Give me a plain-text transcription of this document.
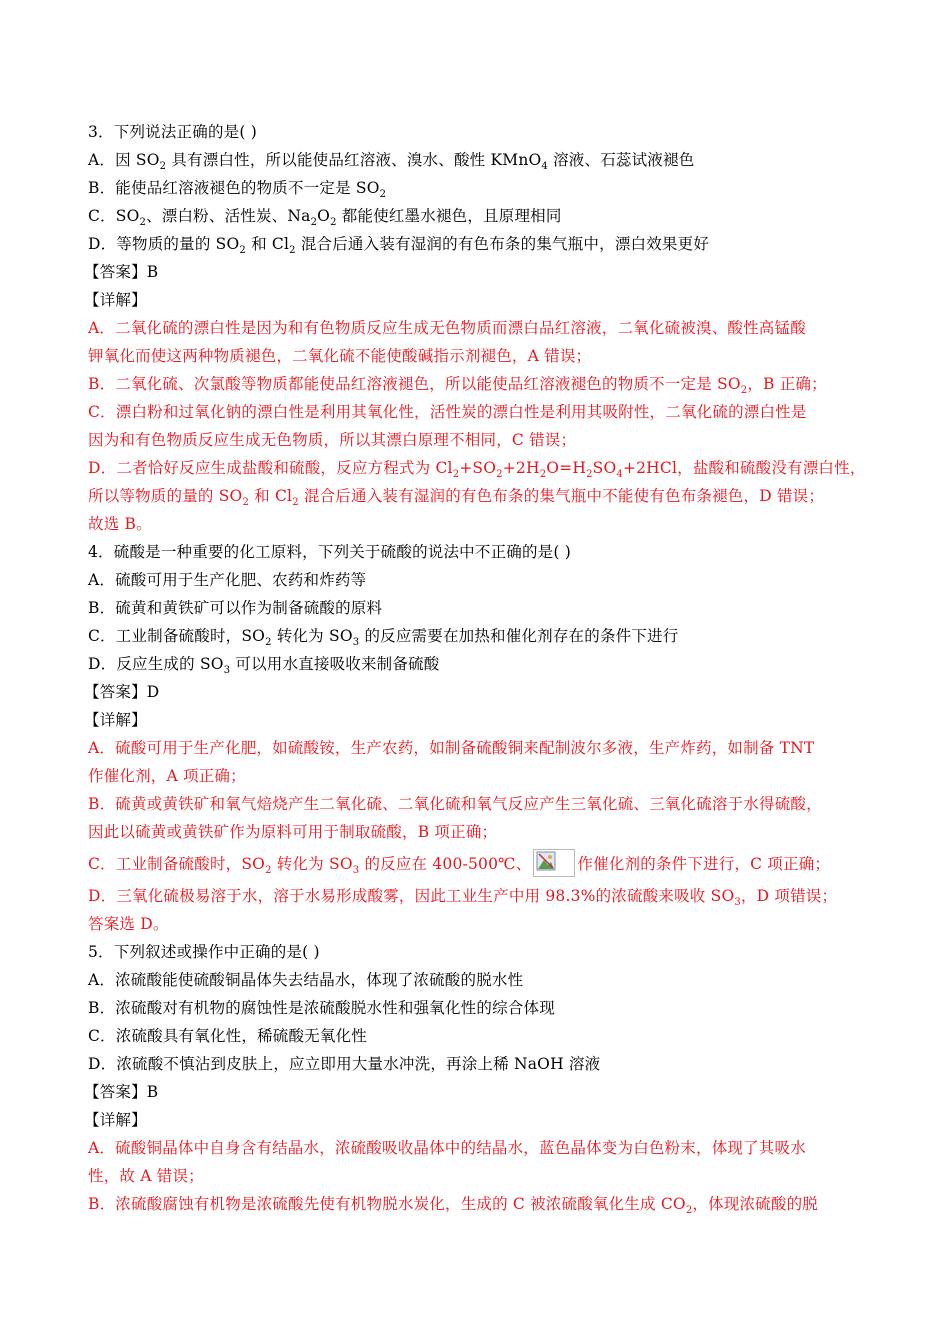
3．下列说法正确的是( )
A．因 $SO_2$ 具有漂白性，所以能使品红溶液、溴水、酸性 KMnO$_4$ 溶液、石蕊试液褪色
B．能使品红溶液褪色的物质不一定是 $SO_2$
C．$SO_2$、漂白粉、活性炭、$Na_2O_2$ 都能使红墨水褪色，且原理相同
D．等物质的量的 $SO_2$ 和 $Cl_2$ 混合后通入装有湿润的有色布条的集气瓶中，漂白效果更好
【答案】B
【详解】
A．二氧化硫的漂白性是因为和有色物质反应生成无色物质而漂白品红溶液，二氧化硫被溴、酸性高锰酸
钾氧化而使这两种物质褪色，二氧化硫不能使酸碱指示剂褪色，A 错误；
B．二氧化硫、次氯酸等物质都能使品红溶液褪色，所以能使品红溶液褪色的物质不一定是 $SO_2$，B 正确；
C．漂白粉和过氧化钠的漂白性是利用其氧化性，活性炭的漂白性是利用其吸附性，二氧化硫的漂白性是
因为和有色物质反应生成无色物质，所以其漂白原理不相同，C 错误；
D．二者恰好反应生成盐酸和硫酸，反应方程式为 $Cl_2+SO_2+2H_2O=H_2SO_4+2HCl$，盐酸和硫酸没有漂白性，
所以等物质的量的 $SO_2$ 和 $Cl_2$ 混合后通入装有湿润的有色布条的集气瓶中不能使有色布条褪色，D 错误；
故选 B。
4．硫酸是一种重要的化工原料，下列关于硫酸的说法中不正确的是( )
A．硫酸可用于生产化肥、农药和炸药等
B．硫黄和黄铁矿可以作为制备硫酸的原料
C．工业制备硫酸时，$SO_2$ 转化为 $SO_3$ 的反应需要在加热和催化剂存在的条件下进行
D．反应生成的 $SO_3$ 可以用水直接吸收来制备硫酸
【答案】D
【详解】
A．硫酸可用于生产化肥，如硫酸铵，生产农药，如制备硫酸铜来配制波尔多液，生产炸药，如制备 TNT
作催化剂，A 项正确；
B．硫黄或黄铁矿和氧气焙烧产生二氧化硫、二氧化硫和氧气反应产生三氧化硫、三氧化硫溶于水得硫酸，
因此以硫黄或黄铁矿作为原料可用于制取硫酸，B 项正确；
C．工业制备硫酸时，$SO_2$ 转化为 $SO_3$ 的反应在 400-500℃、	作催化剂的条件下进行，C 项正确；
D．三氧化硫极易溶于水，溶于水易形成酸雾，因此工业生产中用 98.3%的浓硫酸来吸收 $SO_3$，D 项错误；
答案选 D。
5．下列叙述或操作中正确的是( )
A．浓硫酸能使硫酸铜晶体失去结晶水，体现了浓硫酸的脱水性
B．浓硫酸对有机物的腐蚀性是浓硫酸脱水性和强氧化性的综合体现
C．浓硫酸具有氧化性，稀硫酸无氧化性
D．浓硫酸不慎沾到皮肤上，应立即用大量水冲洗，再涂上稀 NaOH 溶液
【答案】B
【详解】
A．硫酸铜晶体中自身含有结晶水，浓硫酸吸收晶体中的结晶水，蓝色晶体变为白色粉末，体现了其吸水
性，故 A 错误；
B．浓硫酸腐蚀有机物是浓硫酸先使有机物脱水炭化，生成的 C 被浓硫酸氧化生成 $CO_2$，体现浓硫酸的脱
